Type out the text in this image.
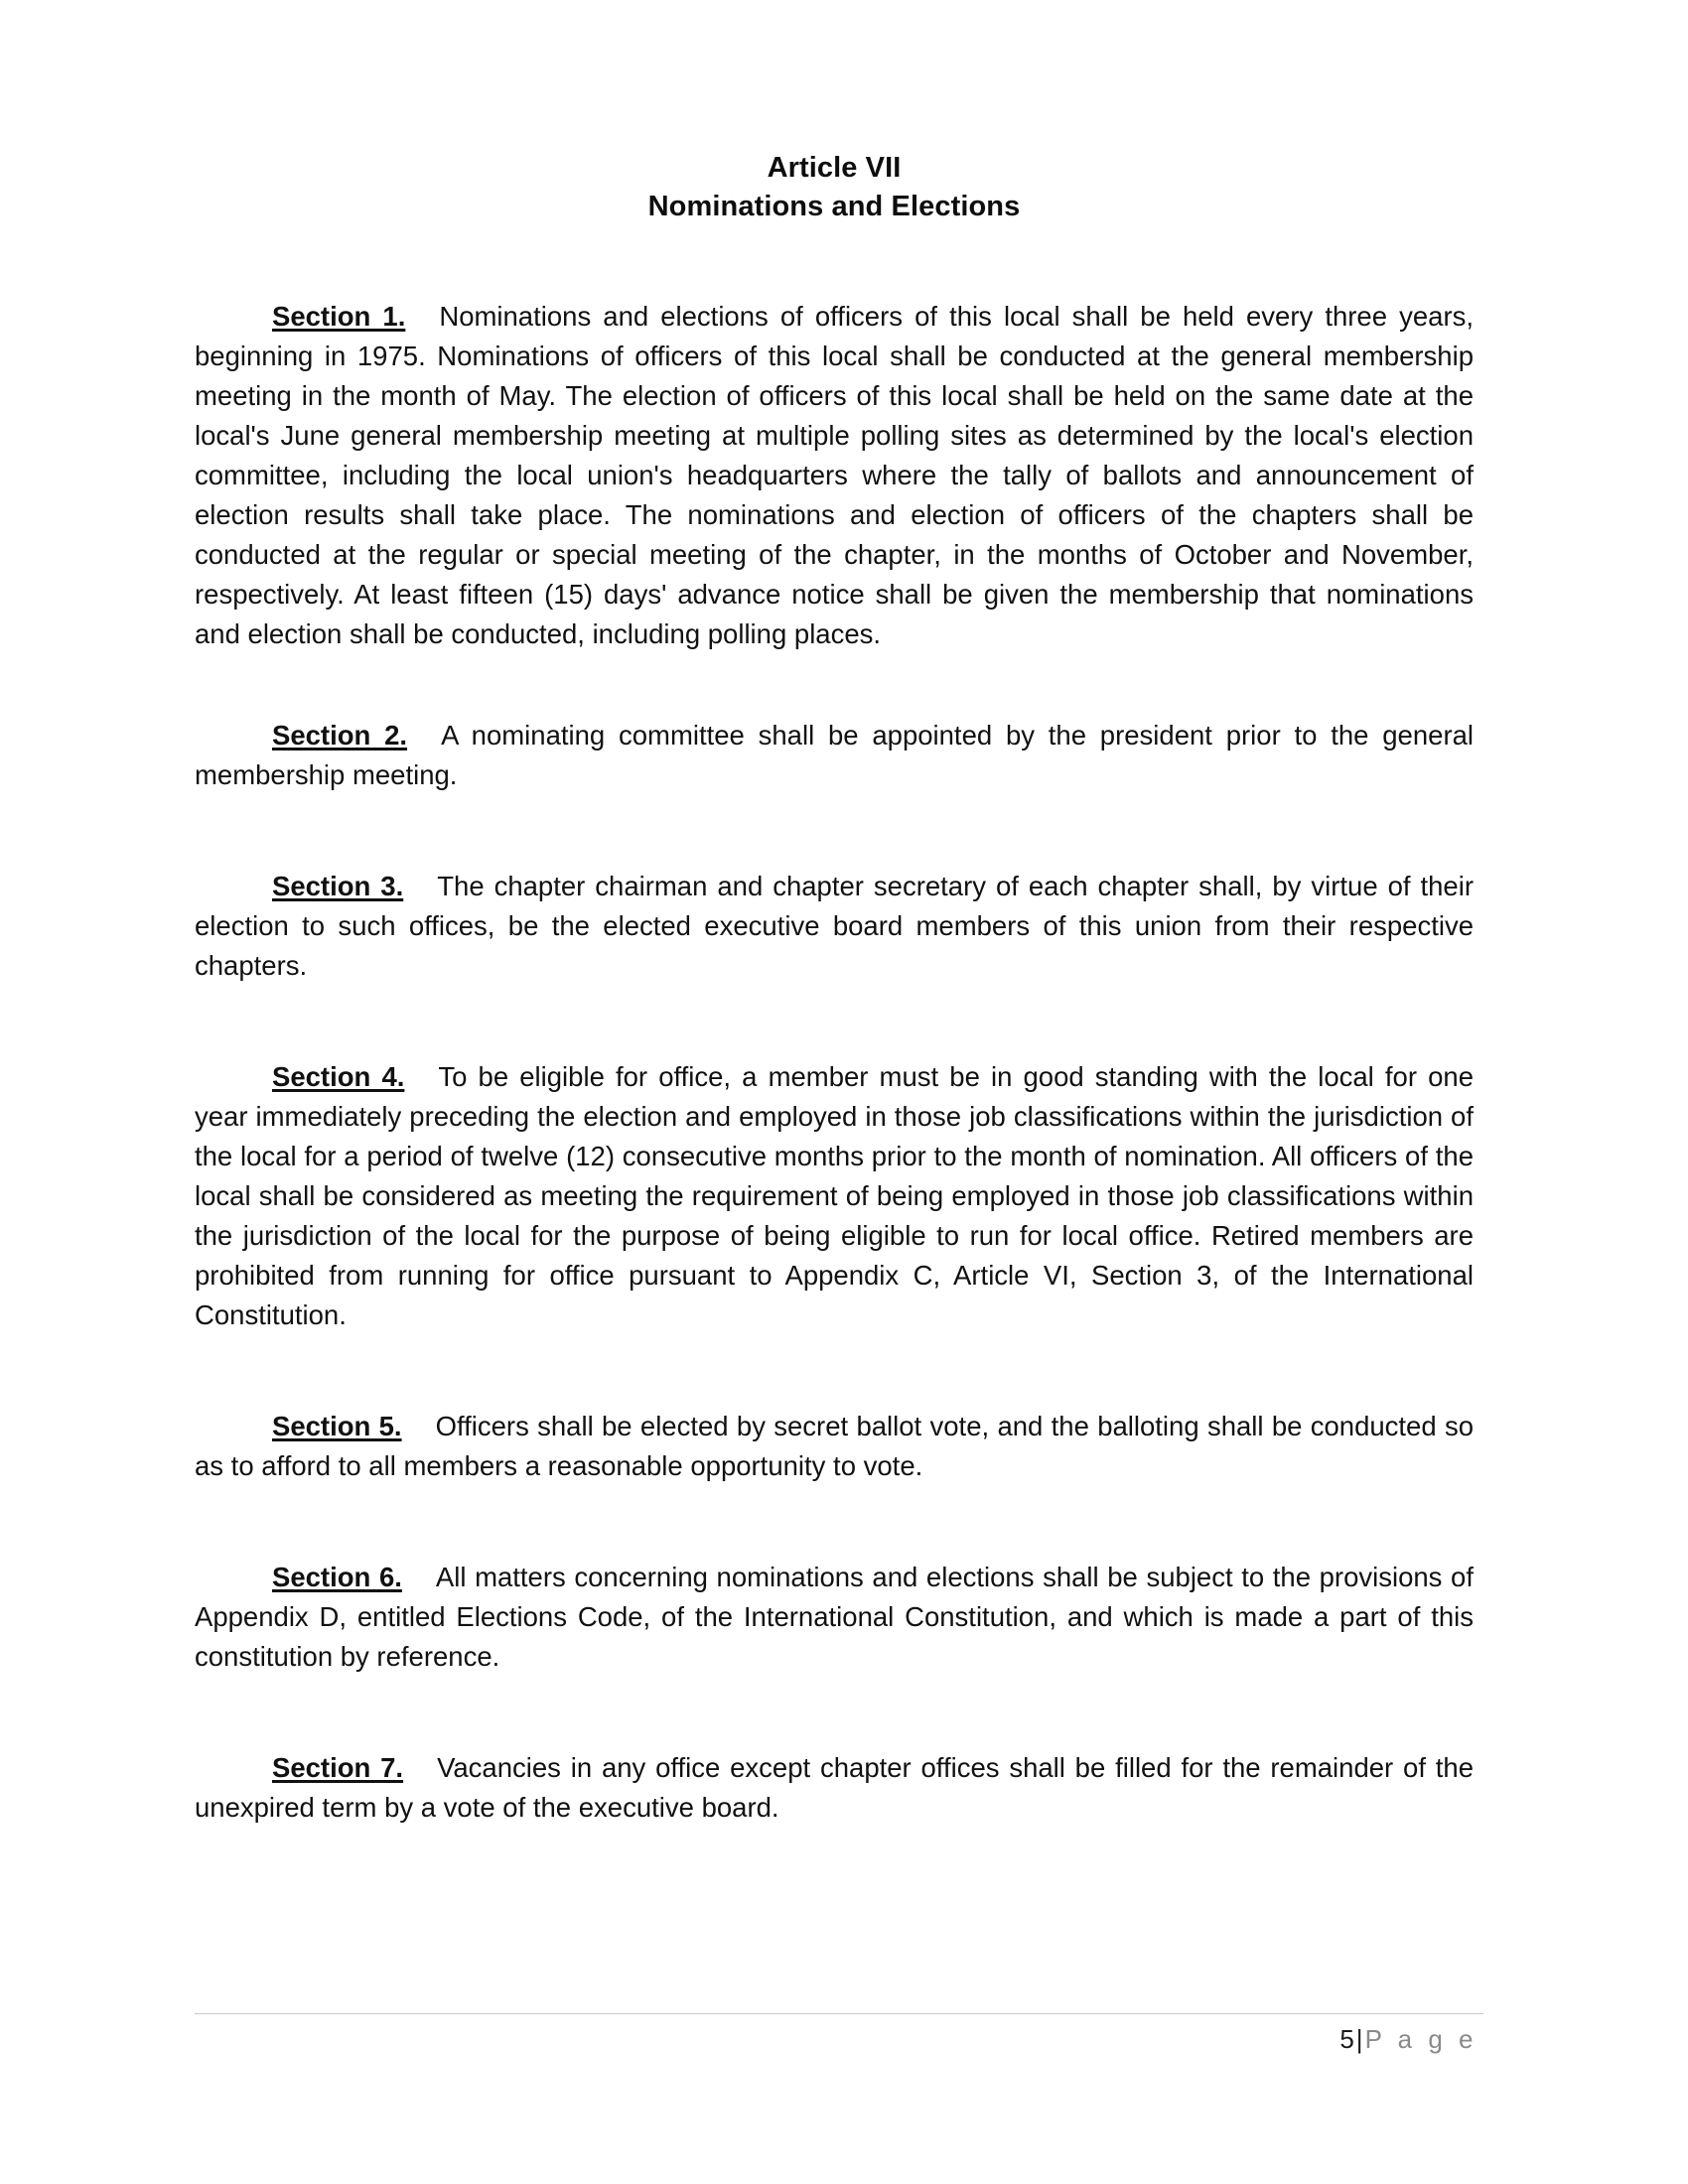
Article VII
Nominations and Elections

Section 1. Nominations and elections of officers of this local shall be held every three years, beginning in 1975. Nominations of officers of this local shall be conducted at the general membership meeting in the month of May. The election of officers of this local shall be held on the same date at the local's June general membership meeting at multiple polling sites as determined by the local's election committee, including the local union's headquarters where the tally of ballots and announcement of election results shall take place. The nominations and election of officers of the chapters shall be conducted at the regular or special meeting of the chapter, in the months of October and November, respectively. At least fifteen (15) days' advance notice shall be given the membership that nominations and election shall be conducted, including polling places.

Section 2. A nominating committee shall be appointed by the president prior to the general membership meeting.

Section 3. The chapter chairman and chapter secretary of each chapter shall, by virtue of their election to such offices, be the elected executive board members of this union from their respective chapters.

Section 4. To be eligible for office, a member must be in good standing with the local for one year immediately preceding the election and employed in those job classifications within the jurisdiction of the local for a period of twelve (12) consecutive months prior to the month of nomination. All officers of the local shall be considered as meeting the requirement of being employed in those job classifications within the jurisdiction of the local for the purpose of being eligible to run for local office. Retired members are prohibited from running for office pursuant to Appendix C, Article VI, Section 3, of the International Constitution.

Section 5. Officers shall be elected by secret ballot vote, and the balloting shall be conducted so as to afford to all members a reasonable opportunity to vote.

Section 6. All matters concerning nominations and elections shall be subject to the provisions of Appendix D, entitled Elections Code, of the International Constitution, and which is made a part of this constitution by reference.

Section 7. Vacancies in any office except chapter offices shall be filled for the remainder of the unexpired term by a vote of the executive board.

5|P a g e
